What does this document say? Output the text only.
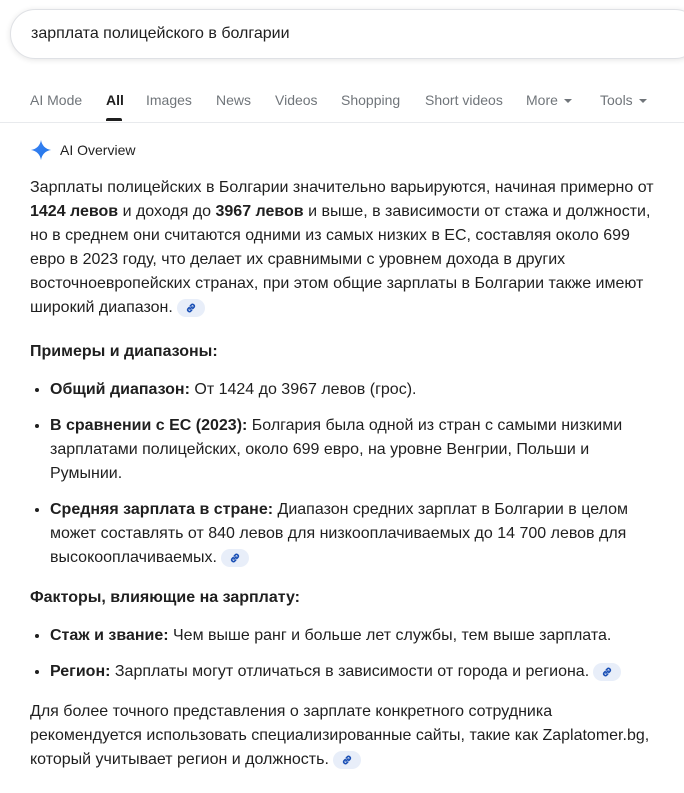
зарплата полицейского в болгарии
AI Mode All Images News Videos Shopping Short videos More	Tools
AI Overview

Зарплаты полицейских в Болгарии значительно варьируются, начиная примерно от 1424 левов и доходя до 3967 левов и выше, в зависимости от стажа и должности, но в среднем они считаются одними из самых низких в ЕС, составляя около 699 евро в 2023 году, что делает их сравнимыми с уровнем дохода в других восточноевропейских странах, при этом общие зарплаты в Болгарии также имеют широкий диапазон.

Примеры и диапазоны:
• Общий диапазон: От 1424 до 3967 левов (грос).
• В сравнении с ЕС (2023): Болгария была одной из стран с самыми низкими зарплатами полицейских, около 699 евро, на уровне Венгрии, Польши и Румынии.
• Средняя зарплата в стране: Диапазон средних зарплат в Болгарии в целом может составлять от 840 левов для низкооплачиваемых до 14 700 левов для высокооплачиваемых.
Факторы, влияющие на зарплату:
• Стаж и звание: Чем выше ранг и больше лет службы, тем выше зарплата.
• Регион: Зарплаты могут отличаться в зависимости от города и региона.

Для более точного представления о зарплате конкретного сотрудника рекомендуется использовать специализированные сайты, такие как Zaplatomer.bg, который учитывает регион и должность.
